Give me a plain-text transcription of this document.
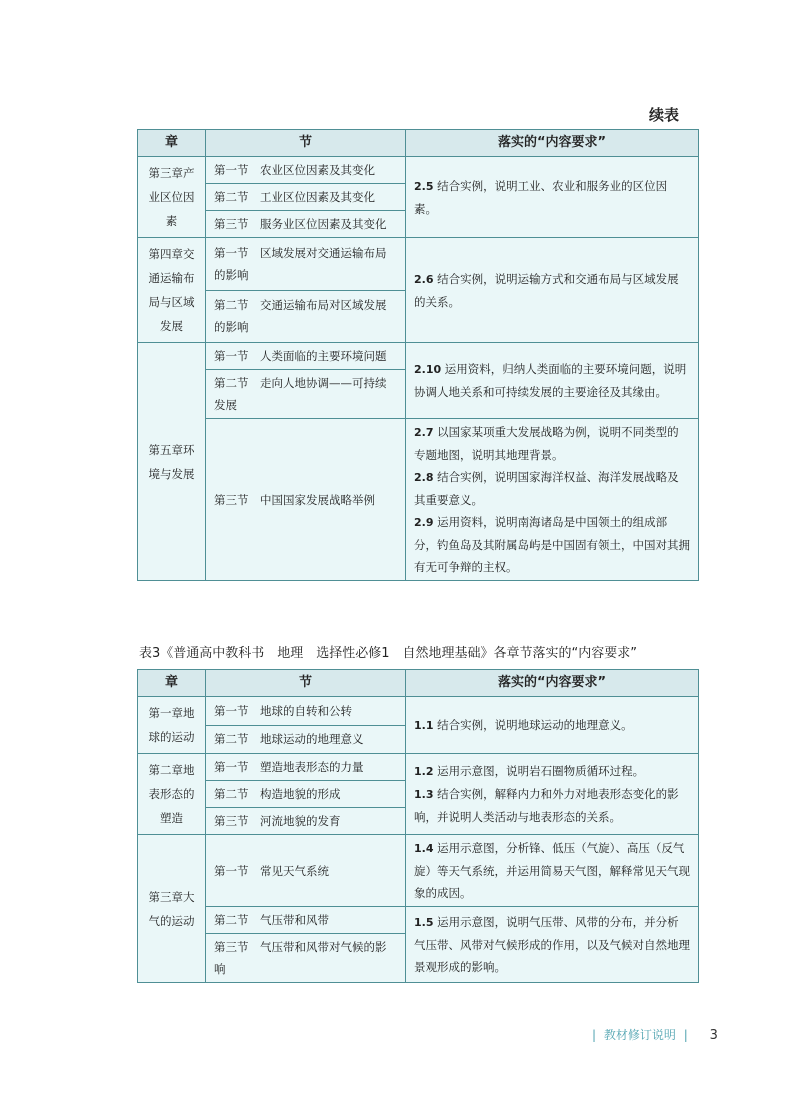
续表
章	节	落实的“内容要求”
第三章产业区位因素	第一节　农业区位因素及其变化	2.5 结合实例，说明工业、农业和服务业的区位因素。

	第二节　工业区位因素及其变化	
	第三节　服务业区位因素及其变化	
第四章交通运输布局与区域发展	第一节　区域发展对交通运输布局的影响	2.6 结合实例，说明运输方式和交通布局与区域发展的关系。

	第二节　交通运输布局对区域发展的影响	
第五章环境与发展	第一节　人类面临的主要环境问题	2.10 运用资料，归纳人类面临的主要环境问题，说明协调人地关系和可持续发展的主要途径及其缘由。

	第二节　走向人地协调——可持续发展	
	第三节　中国国家发展战略举例	2.7 以国家某项重大发展战略为例，说明不同类型的专题地图，说明其地理背景。

2.8 结合实例，说明国家海洋权益、海洋发展战略及其重要意义。

2.9 运用资料，说明南海诸岛是中国领土的组成部分，钓鱼岛及其附属岛屿是中国固有领土，中国对其拥有无可争辩的主权。

表3《普通高中教科书　地理　选择性必修1　自然地理基础》各章节落实的“内容要求”
章	节	落实的“内容要求”
第一章地球的运动	第一节　地球的自转和公转	1.1 结合实例，说明地球运动的地理意义。

	第二节　地球运动的地理意义	
第二章地表形态的塑造	第一节　塑造地表形态的力量	1.2 运用示意图，说明岩石圈物质循环过程。

1.3 结合实例，解释内力和外力对地表形态变化的影响，并说明人类活动与地表形态的关系。

	第二节　构造地貌的形成	
	第三节　河流地貌的发育	
第三章大气的运动	第一节　常见天气系统	1.4 运用示意图，分析锋、低压（气旋）、高压（反气旋）等天气系统，并运用简易天气图，解释常见天气现象的成因。

	第二节　气压带和风带	1.5 运用示意图，说明气压带、风带的分布，并分析气压带、风带对气候形成的作用，以及气候对自然地理景观形成的影响。

	第三节　气压带和风带对气候的影响	
| 教材修订说明 | 3
